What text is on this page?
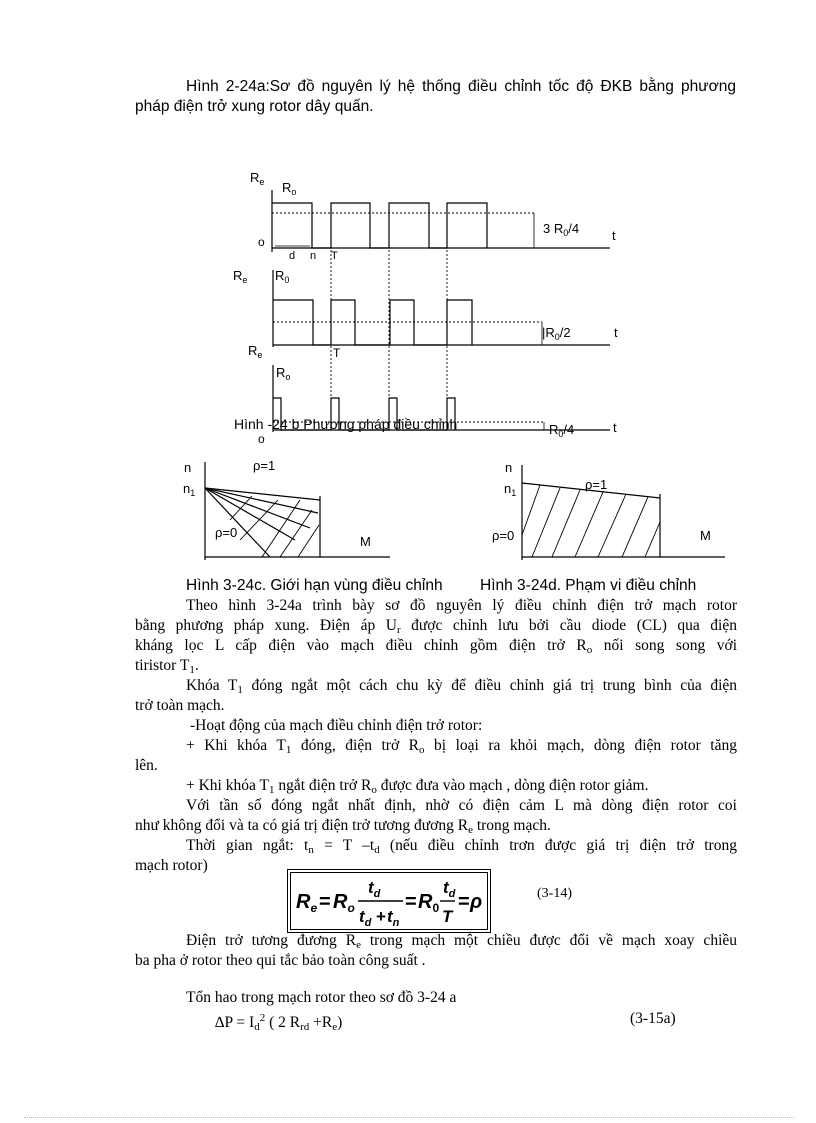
Hình 2-24a:Sơ đồ nguyên lý hệ thống điều chỉnh tốc độ ĐKB bằng phương
pháp điện trở xung rotor dây quấn.
$R_e$ $R_o$
3 $R_0/4$	t
o
d n T
$R_e$ $R_0$
$|R_0/2$	t
$R_e$	T
$R_o$
$R_0/4$	t
o
Hình -24 b Phương pháp điều chỉnh
n
$n_1$
ρ=1
ρ=0
M
n
$n_1$
ρ=1
ρ=0	M
Hình 3-24c. Giới hạn vùng điều chỉnh Hình 3-24d. Phạm vi điều chỉnh
Theo hình 3-24a trình bày sơ đồ nguyên lý điều chỉnh điện trở mạch rotor
bằng phương pháp xung. Điện áp $U_r$ được chỉnh lưu bởi cầu diode (CL) qua điện
kháng lọc L cấp điện vào mạch điều chỉnh gồm điện trở $R_o$ nối song song với
tiristor $T_1$.
Khóa $T_1$ đóng ngắt một cách chu kỳ để điều chỉnh giá trị trung bình của điện
trở toàn mạch.
-Hoạt động của mạch điều chỉnh điện trở rotor:
+ Khi khóa $T_1$ đóng, điện trở $R_o$ bị loại ra khỏi mạch, dòng điện rotor tăng
lên.
+ Khi khóa $T_1$ ngắt điện trở $R_o$ được đưa vào mạch , dòng điện rotor giảm.
Với tần số đóng ngắt nhất định, nhờ có điện cảm L mà dòng điện rotor coi
như không đổi và ta có giá trị điện trở tương đương $R_e$ trong mạch.
Thời gian ngắt: $t_n = T$ $-t_d$ (nếu điều chỉnh trơn được giá trị điện trở trong
mạch rotor)
$R_e = R_o$
$t_d$
$t_d + t_n$
= $R_0$
$t_d$
T
= ρ	(3-14)
Điện trở tương đương $R_e$ trong mạch một chiều được đổi về mạch xoay chiều
ba pha ở rotor theo qui tắc bảo toàn công suất .
Tổn hao trong mạch rotor theo sơ đồ 3-24 a
$\Delta P = I_d^2$ ( 2 $R_{rd} +R_e$)	(3-15a)
